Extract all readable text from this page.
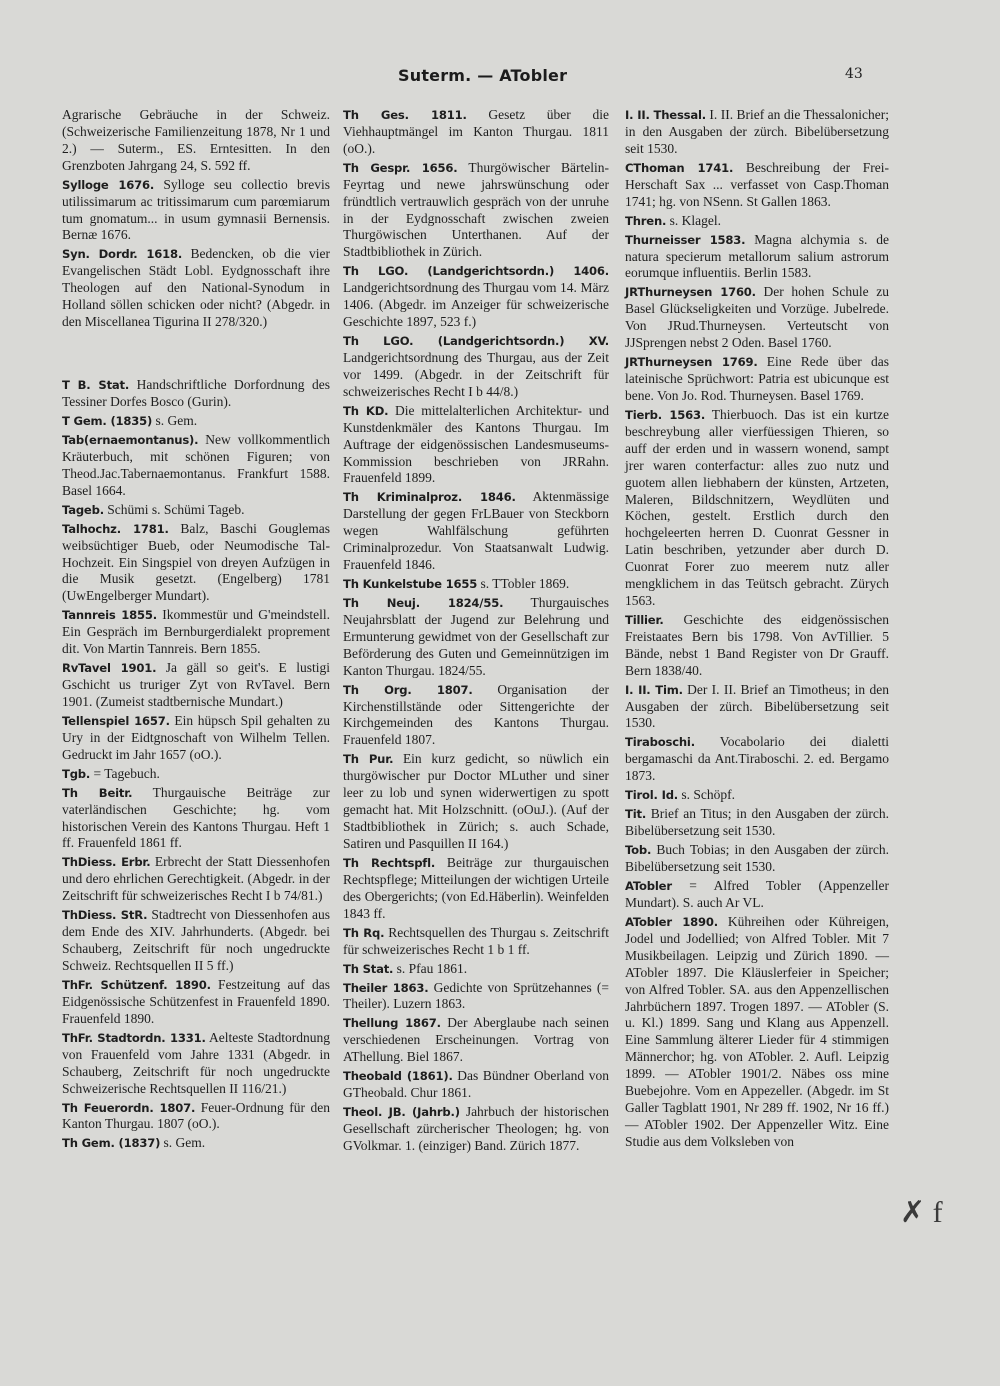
Suterm. — ATobler	43
Agrarische Gebräuche in der Schweiz. (Schweizerische Familienzeitung 1878, Nr 1 und 2.) — Suterm., ES. Erntesitten. In den Grenzboten Jahrgang 24, S. 592 ff.
Sylloge 1676. Sylloge seu collectio brevis utilissimarum ac tritissimarum cum parœmiarum tum gnomatum... in usum gymnasii Bernensis. Bernæ 1676.
Syn. Dordr. 1618. Bedencken, ob die vier Evangelischen Städt Lobl. Eydgnosschaft ihre Theologen auf den National-Synodum in Holland söllen schicken oder nicht? (Abgedr. in den Miscellanea Tigurina II 278/320.)
T B. Stat. Handschriftliche Dorfordnung des Tessiner Dorfes Bosco (Gurin).
T Gem. (1835) s. Gem.
Tab(ernaemontanus). New vollkommentlich Kräuterbuch, mit schönen Figuren; von Theod.Jac.Tabernaemontanus. Frankfurt 1588. Basel 1664.
Tageb. Schümi s. Schümi Tageb.
Talhochz. 1781. Balz, Baschi Gouglemas weibsüchtiger Bueb, oder Neumodische Tal-Hochzeit. Ein Singspiel von dreyen Aufzügen in die Musik gesetzt. (Engelberg) 1781 (UwEngelberger Mundart).
Tannreis 1855. Ikommestür und G'meindstell. Ein Gespräch im Bernburgerdialekt proprement dit. Von Martin Tannreis. Bern 1855.
RvTavel 1901. Ja gäll so geit's. E lustigi Gschicht us truriger Zyt von RvTavel. Bern 1901. (Zumeist stadtbernische Mundart.)
Tellenspiel 1657. Ein hüpsch Spil gehalten zu Ury in der Eidtgnoschaft von Wilhelm Tellen. Gedruckt im Jahr 1657 (oO.).
Tgb. = Tagebuch.
Th Beitr. Thurgauische Beiträge zur vaterländischen Geschichte; hg. vom historischen Verein des Kantons Thurgau. Heft 1 ff. Frauenfeld 1861 ff.
ThDiess. Erbr. Erbrecht der Statt Diessenhofen und dero ehrlichen Gerechtigkeit. (Abgedr. in der Zeitschrift für schweizerisches Recht I b 74/81.)
ThDiess. StR. Stadtrecht von Diessenhofen aus dem Ende des XIV. Jahrhunderts. (Abgedr. bei Schauberg, Zeitschrift für noch ungedruckte Schweiz. Rechtsquellen II 5 ff.)
ThFr. Schützenf. 1890. Festzeitung auf das Eidgenössische Schützenfest in Frauenfeld 1890. Frauenfeld 1890.
ThFr. Stadtordn. 1331. Aelteste Stadtordnung von Frauenfeld vom Jahre 1331 (Abgedr. in Schauberg, Zeitschrift für noch ungedruckte Schweizerische Rechtsquellen II 116/21.)
Th Feuerordn. 1807. Feuer-Ordnung für den Kanton Thurgau. 1807 (oO.).
Th Gem. (1837) s. Gem.
Th Ges. 1811. Gesetz über die Viehhauptmängel im Kanton Thurgau. 1811 (oO.).
Th Gespr. 1656. Thurgöwischer Bärtelin-Feyrtag und newe jahrswünschung oder fründtlich vertrauwlich gespräch von der unruhe in der Eydgnosschaft zwischen zweien Thurgöwischen Unterthanen. Auf der Stadtbibliothek in Zürich.
Th LGO. (Landgerichtsordn.) 1406. Landgerichtsordnung des Thurgau vom 14. März 1406. (Abgedr. im Anzeiger für schweizerische Geschichte 1897, 523 f.)
Th LGO. (Landgerichtsordn.) XV. Landgerichtsordnung des Thurgau, aus der Zeit vor 1499. (Abgedr. in der Zeitschrift für schweizerisches Recht I b 44/8.)
Th KD. Die mittelalterlichen Architektur- und Kunstdenkmäler des Kantons Thurgau. Im Auftrage der eidgenössischen Landesmuseums-Kommission beschrieben von JRRahn. Frauenfeld 1899.
Th Kriminalproz. 1846. Aktenmässige Darstellung der gegen FrLBauer von Steckborn wegen Wahlfälschung geführten Criminalprozedur. Von Staatsanwalt Ludwig. Frauenfeld 1846.
Th Kunkelstube 1655 s. TTobler 1869.
Th Neuj. 1824/55. Thurgauisches Neujahrsblatt der Jugend zur Belehrung und Ermunterung gewidmet von der Gesellschaft zur Beförderung des Guten und Gemeinnützigen im Kanton Thurgau. 1824/55.
Th Org. 1807. Organisation der Kirchenstillstände oder Sittengerichte der Kirchgemeinden des Kantons Thurgau. Frauenfeld 1807.
Th Pur. Ein kurz gedicht, so nüwlich ein thurgöwischer pur Doctor MLuther und siner leer zu lob und synen widerwertigen zu spott gemacht hat. Mit Holzschnitt. (oOuJ.). (Auf der Stadtbibliothek in Zürich; s. auch Schade, Satiren und Pasquillen II 164.)
Th Rechtspfl. Beiträge zur thurgauischen Rechtspflege; Mitteilungen der wichtigen Urteile des Obergerichts; (von Ed.Häberlin). Weinfelden 1843 ff.
Th Rq. Rechtsquellen des Thurgau s. Zeitschrift für schweizerisches Recht 1 b 1 ff.
Th Stat. s. Pfau 1861.
Theiler 1863. Gedichte von Sprützehannes (= Theiler). Luzern 1863.
Thellung 1867. Der Aberglaube nach seinen verschiedenen Erscheinungen. Vortrag von AThellung. Biel 1867.
Theobald (1861). Das Bündner Oberland von GTheobald. Chur 1861.
Theol. JB. (Jahrb.) Jahrbuch der historischen Gesellschaft zürcherischer Theologen; hg. von GVolkmar. 1. (einziger) Band. Zürich 1877.
I. II. Thessal. I. II. Brief an die Thessalonicher; in den Ausgaben der zürch. Bibelübersetzung seit 1530.
CThoman 1741. Beschreibung der Frei-Herschaft Sax ... verfasset von Casp.Thoman 1741; hg. von NSenn. St Gallen 1863.
Thren. s. Klagel.
Thurneisser 1583. Magna alchymia s. de natura specierum metallorum salium astrorum eorumque influentiis. Berlin 1583.
JRThurneysen 1760. Der hohen Schule zu Basel Glückseligkeiten und Vorzüge. Jubelrede. Von JRud.Thurneysen. Verteutscht von JJSprengen nebst 2 Oden. Basel 1760.
JRThurneysen 1769. Eine Rede über das lateinische Sprüchwort: Patria est ubicunque est bene. Von Jo. Rod. Thurneysen. Basel 1769.
Tierb. 1563. Thierbuoch. Das ist ein kurtze beschreybung aller vierfüessigen Thieren, so auff der erden und in wassern wonend, sampt jrer waren conterfactur: alles zuo nutz und guotem allen liebhabern der künsten, Artzeten, Maleren, Bildschnitzern, Weydlüten und Köchen, gestelt. Erstlich durch den hochgeleerten herren D. Cuonrat Gessner in Latin beschriben, yetzunder aber durch D. Cuonrat Forer zuo meerem nutz aller mengklichem in das Teütsch gebracht. Zürych 1563.
Tillier. Geschichte des eidgenössischen Freistaates Bern bis 1798. Von AvTillier. 5 Bände, nebst 1 Band Register von Dr Grauff. Bern 1838/40.
I. II. Tim. Der I. II. Brief an Timotheus; in den Ausgaben der zürch. Bibelübersetzung seit 1530.
Tiraboschi. Vocabolario dei dialetti bergamaschi da Ant.Tiraboschi. 2. ed. Bergamo 1873.
Tirol. Id. s. Schöpf.
Tit. Brief an Titus; in den Ausgaben der zürch. Bibelübersetzung seit 1530.
Tob. Buch Tobias; in den Ausgaben der zürch. Bibelübersetzung seit 1530.
ATobler = Alfred Tobler (Appenzeller Mundart). S. auch Ar VL.
ATobler 1890. Kühreihen oder Kühreigen, Jodel und Jodellied; von Alfred Tobler. Mit 7 Musikbeilagen. Leipzig und Zürich 1890. — ATobler 1897. Die Kläuslerfeier in Speicher; von Alfred Tobler. SA. aus den Appenzellischen Jahrbüchern 1897. Trogen 1897. — ATobler (S. u. Kl.) 1899. Sang und Klang aus Appenzell. Eine Sammlung älterer Lieder für 4 stimmigen Männerchor; hg. von ATobler. 2. Aufl. Leipzig 1899. — ATobler 1901/2. Näbes oss mine Buebejohre. Vom en Appezeller. (Abgedr. im St Galler Tagblatt 1901, Nr 289 ff. 1902, Nr 16 ff.) — ATobler 1902. Der Appenzeller Witz. Eine Studie aus dem Volksleben von
✗ f
